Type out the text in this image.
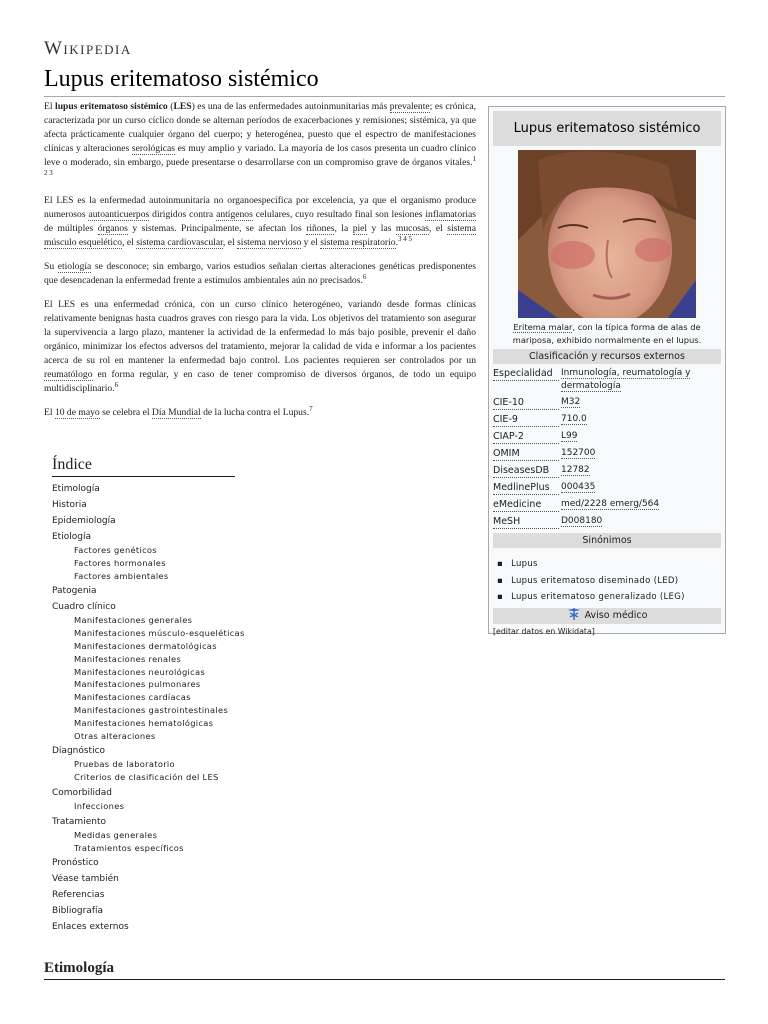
Wikipedia
Lupus eritematoso sistémico

El lupus eritematoso sistémico (LES) es una de las enfermedades autoinmunitarias más prevalente; es crónica, caracterizada por un curso cíclico donde se alternan períodos de exacerbaciones y remisiones; sistémica, ya que afecta prácticamente cualquier órgano del cuerpo; y heterogénea, puesto que el espectro de manifestaciones clínicas y alteraciones serológicas es muy amplio y variado. La mayoría de los casos presenta un cuadro clínico leve o moderado, sin embargo, puede presentarse o desarrollarse con un compromiso grave de órganos vitales.$^{1 2 3}$

El LES es la enfermedad autoinmunitaria no organoespecífica por excelencia, ya que el organismo produce numerosos autoanticuerpos dirigidos contra antígenos celulares, cuyo resultado final son lesiones inflamatorias de múltiples órganos y sistemas. Principalmente, se afectan los riñones, la piel y las mucosas, el sistema músculo esquelético, el sistema cardiovascular, el sistema nervioso y el sistema respiratorio.$^{3 4 5}$

Su etiología se desconoce; sin embargo, varios estudios señalan ciertas alteraciones genéticas predisponentes que desencadenan la enfermedad frente a estímulos ambientales aún no precisados.$^6$

El LES es una enfermedad crónica, con un curso clínico heterogéneo, variando desde formas clínicas relativamente benignas hasta cuadros graves con riesgo para la vida. Los objetivos del tratamiento son asegurar la supervivencia a largo plazo, mantener la actividad de la enfermedad lo más bajo posible, prevenir el daño orgánico, minimizar los efectos adversos del tratamiento, mejorar la calidad de vida e informar a los pacientes acerca de su rol en mantener la enfermedad bajo control. Los pacientes requieren ser controlados por un reumatólogo en forma regular, y en caso de tener compromiso de diversos órganos, de todo un equipo multidisciplinario.$^6$

El 10 de mayo se celebra el Día Mundial de la lucha contra el Lupus.$^7$

Índice
Etimología
Historia
Epidemiología
Etiología
Factores genéticos
Factores hormonales
Factores ambientales
Patogenia
Cuadro clínico
Manifestaciones generales
Manifestaciones músculo-esqueléticas
Manifestaciones dermatológicas
Manifestaciones renales
Manifestaciones neurológicas
Manifestaciones pulmonares
Manifestaciones cardíacas
Manifestaciones gastrointestinales
Manifestaciones hematológicas
Otras alteraciones
Diagnóstico
Pruebas de laboratorio
Criterios de clasificación del LES
Comorbilidad
Infecciones
Tratamiento
Medidas generales
Tratamientos específicos
Pronóstico
Véase también
Referencias
Bibliografía
Enlaces externos
Etimología
Lupus eritematoso sistémico
Eritema malar, con la típica forma de alas de mariposa, exhibido normalmente en el lupus.
Clasificación y recursos externos
Especialidad Inmunología, reumatología y dermatología
CIE-10	M32
CIE-9	710.0
CIAP-2	L99
OMIM	152700
DiseasesDB	12782
MedlinePlus	000435
eMedicine	med/2228 emerg/564
MeSH	D008180
Sinónimos
▪ Lupus
▪ Lupus eritematoso diseminado (LED)
▪ Lupus eritematoso generalizado (LEG)
Aviso médico
[editar datos en Wikidata]
